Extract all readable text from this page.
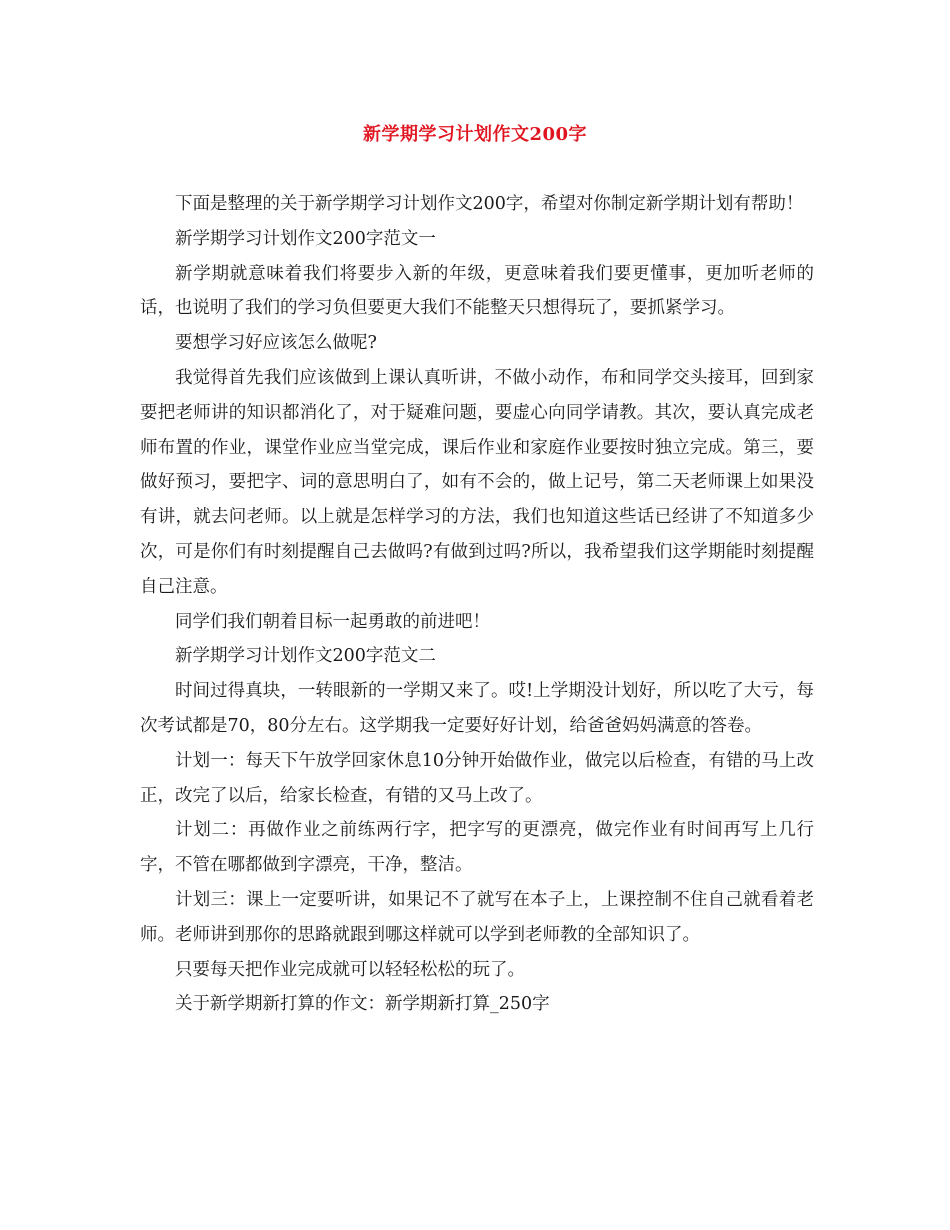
新学期学习计划作文200字

下面是整理的关于新学期学习计划作文200字，希望对你制定新学期计划有帮助！

新学期学习计划作文200字范文一

新学期就意味着我们将要步入新的年级，更意味着我们要更懂事，更加听老师的话，也说明了我们的学习负但要更大我们不能整天只想得玩了，要抓紧学习。

要想学习好应该怎么做呢?

我觉得首先我们应该做到上课认真听讲，不做小动作，布和同学交头接耳，回到家要把老师讲的知识都消化了，对于疑难问题，要虚心向同学请教。其次，要认真完成老师布置的作业，课堂作业应当堂完成，课后作业和家庭作业要按时独立完成。第三，要做好预习，要把字、词的意思明白了，如有不会的，做上记号，第二天老师课上如果没有讲，就去问老师。以上就是怎样学习的方法，我们也知道这些话已经讲了不知道多少次，可是你们有时刻提醒自己去做吗?有做到过吗?所以，我希望我们这学期能时刻提醒自己注意。

同学们我们朝着目标一起勇敢的前进吧！

新学期学习计划作文200字范文二

时间过得真块，一转眼新的一学期又来了。哎!上学期没计划好，所以吃了大亏，每次考试都是70，80分左右。这学期我一定要好好计划，给爸爸妈妈满意的答卷。

计划一：每天下午放学回家休息10分钟开始做作业，做完以后检查，有错的马上改正，改完了以后，给家长检查，有错的又马上改了。

计划二：再做作业之前练两行字，把字写的更漂亮，做完作业有时间再写上几行字，不管在哪都做到字漂亮，干净，整洁。

计划三：课上一定要听讲，如果记不了就写在本子上，上课控制不住自己就看着老师。老师讲到那你的思路就跟到哪这样就可以学到老师教的全部知识了。

只要每天把作业完成就可以轻轻松松的玩了。

关于新学期新打算的作文：新学期新打算_250字
